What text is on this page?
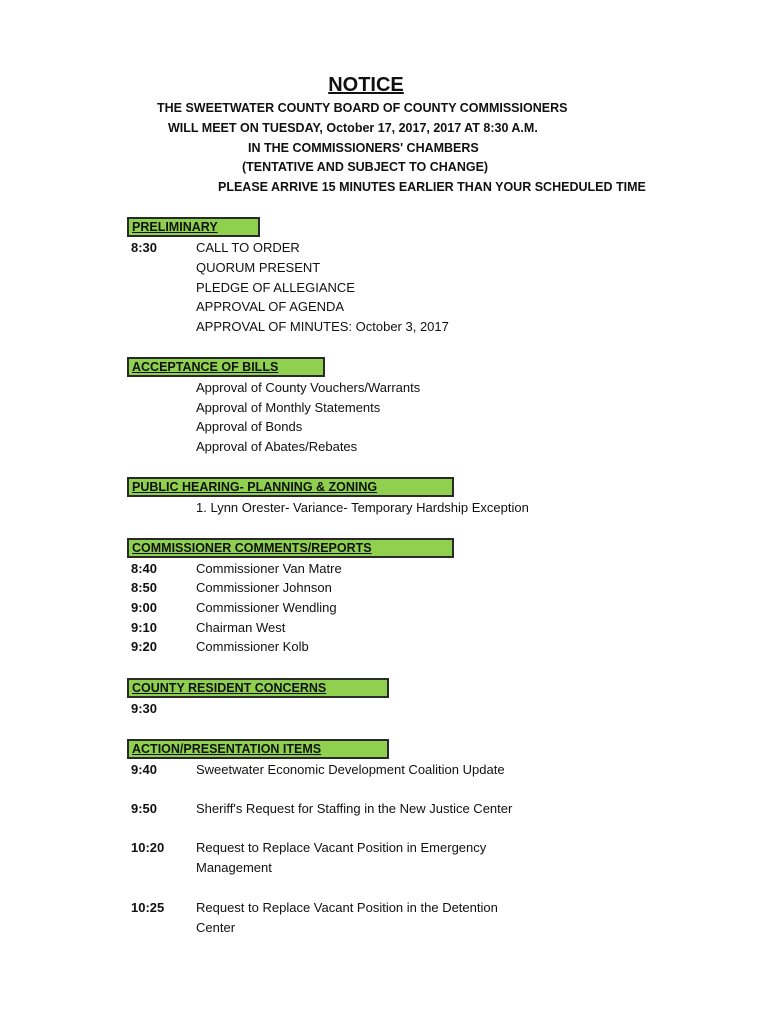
NOTICE
THE SWEETWATER COUNTY BOARD OF COUNTY COMMISSIONERS
WILL MEET ON TUESDAY, October 17, 2017, 2017 AT 8:30 A.M.
IN THE COMMISSIONERS' CHAMBERS
(TENTATIVE AND SUBJECT TO CHANGE)
PLEASE ARRIVE 15 MINUTES EARLIER THAN YOUR SCHEDULED TIME
PRELIMINARY
8:30	CALL TO ORDER
QUORUM PRESENT
PLEDGE OF ALLEGIANCE
APPROVAL OF AGENDA
APPROVAL OF MINUTES: October 3, 2017
ACCEPTANCE OF BILLS
Approval of County Vouchers/Warrants
Approval of Monthly Statements
Approval of Bonds
Approval of Abates/Rebates
PUBLIC HEARING- PLANNING & ZONING
1. Lynn Orester- Variance- Temporary Hardship Exception
COMMISSIONER COMMENTS/REPORTS
8:40	Commissioner Van Matre
8:50	Commissioner Johnson
9:00	Commissioner Wendling
9:10	Chairman West
9:20	Commissioner Kolb
COUNTY RESIDENT CONCERNS
9:30
ACTION/PRESENTATION ITEMS
9:40	Sweetwater Economic Development Coalition Update
9:50	Sheriff's Request for Staffing in the New Justice Center
10:20 Request to Replace Vacant Position in Emergency
Management
10:25 Request to Replace Vacant Position in the Detention
Center
